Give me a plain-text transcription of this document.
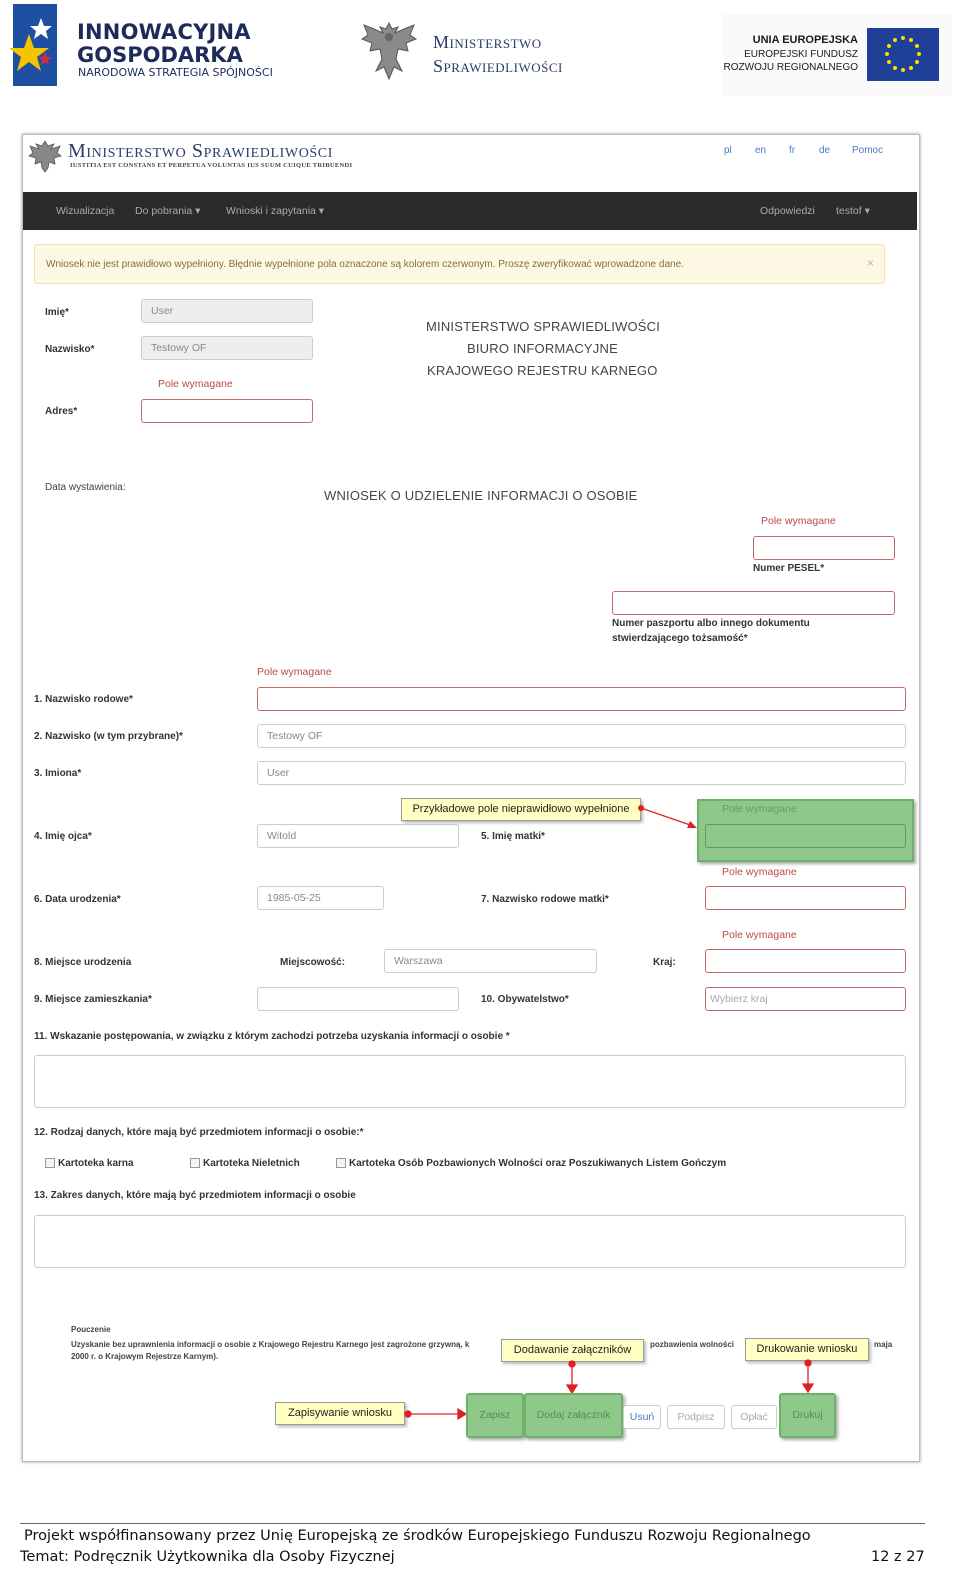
INNOWACYJNA
GOSPODARKA
NARODOWA STRATEGIA SPÓJNOŚCI
Ministerstwo
Sprawiedliwości
UNIA EUROPEJSKA
EUROPEJSKI FUNDUSZ
ROZWOJU REGIONALNEGO
Ministerstwo Sprawiedliwości
IUSTITIA EST CONSTANS ET PERPETUA VOLUNTAS IUS SUUM CUIQUE TRIBUENDI
pl en fr de Pomoc
Wizualizacja Do pobrania ▾ Wnioski i zapytania ▾	Odpowiedzi testof ▾
Wniosek nie jest prawidłowo wypełniony. Błędnie wypełnione pola oznaczone są kolorem czerwonym. Proszę zweryfikować wprowadzone dane.	×
Imię*	User
Nazwisko*	Testowy OF
Pole wymagane
Adres*
MINISTERSTWO SPRAWIEDLIWOŚCI
BIURO INFORMACYJNE
KRAJOWEGO REJESTRU KARNEGO
Data wystawienia:
WNIOSEK O UDZIELENIE INFORMACJI O OSOBIE
Pole wymagane
Numer PESEL*
Numer paszportu albo innego dokumentu
stwierdzającego tożsamość*
Pole wymagane
1. Nazwisko rodowe*
2. Nazwisko (w tym przybrane)*	Testowy OF
3. Imiona*	User
4. Imię ojca*	Witold	5. Imię matki*
Pole wymagane
Przykładowe pole nieprawidłowo wypełnione
Pole wymagane
6. Data urodzenia*	1985-05-25	7. Nazwisko rodowe matki*
Pole wymagane
8. Miejsce urodzenia	Miejscowość:	Warszawa	Kraj:
9. Miejsce zamieszkania*	10. Obywatelstwo*	Wybierz kraj
11. Wskazanie postępowania, w związku z którym zachodzi potrzeba uzyskania informacji o osobie *
12. Rodzaj danych, które mają być przedmiotem informacji o osobie:*
Kartoteka karna	Kartoteka Nieletnich	Kartoteka Osób Pozbawionych Wolności oraz Poszukiwanych Listem Gończym
13. Zakres danych, które mają być przedmiotem informacji o osobie
Pouczenie
Uzyskanie bez uprawnienia informacji o osobie z Krajowego Rejestru Karnego jest zagrożone grzywną, k	pozbawienia wolności	maja
2000 r. o Krajowym Rejestrze Karnym).
Dodawanie załączników	Drukowanie wniosku
Zapisywanie wniosku	Zapisz	Dodaj załącznik	Usuń	Podpisz	Opłać	Drukuj
Projekt współfinansowany przez Unię Europejską ze środków Europejskiego Funduszu Rozwoju Regionalnego
Temat: Podręcznik Użytkownika dla Osoby Fizycznej	12 z 27
